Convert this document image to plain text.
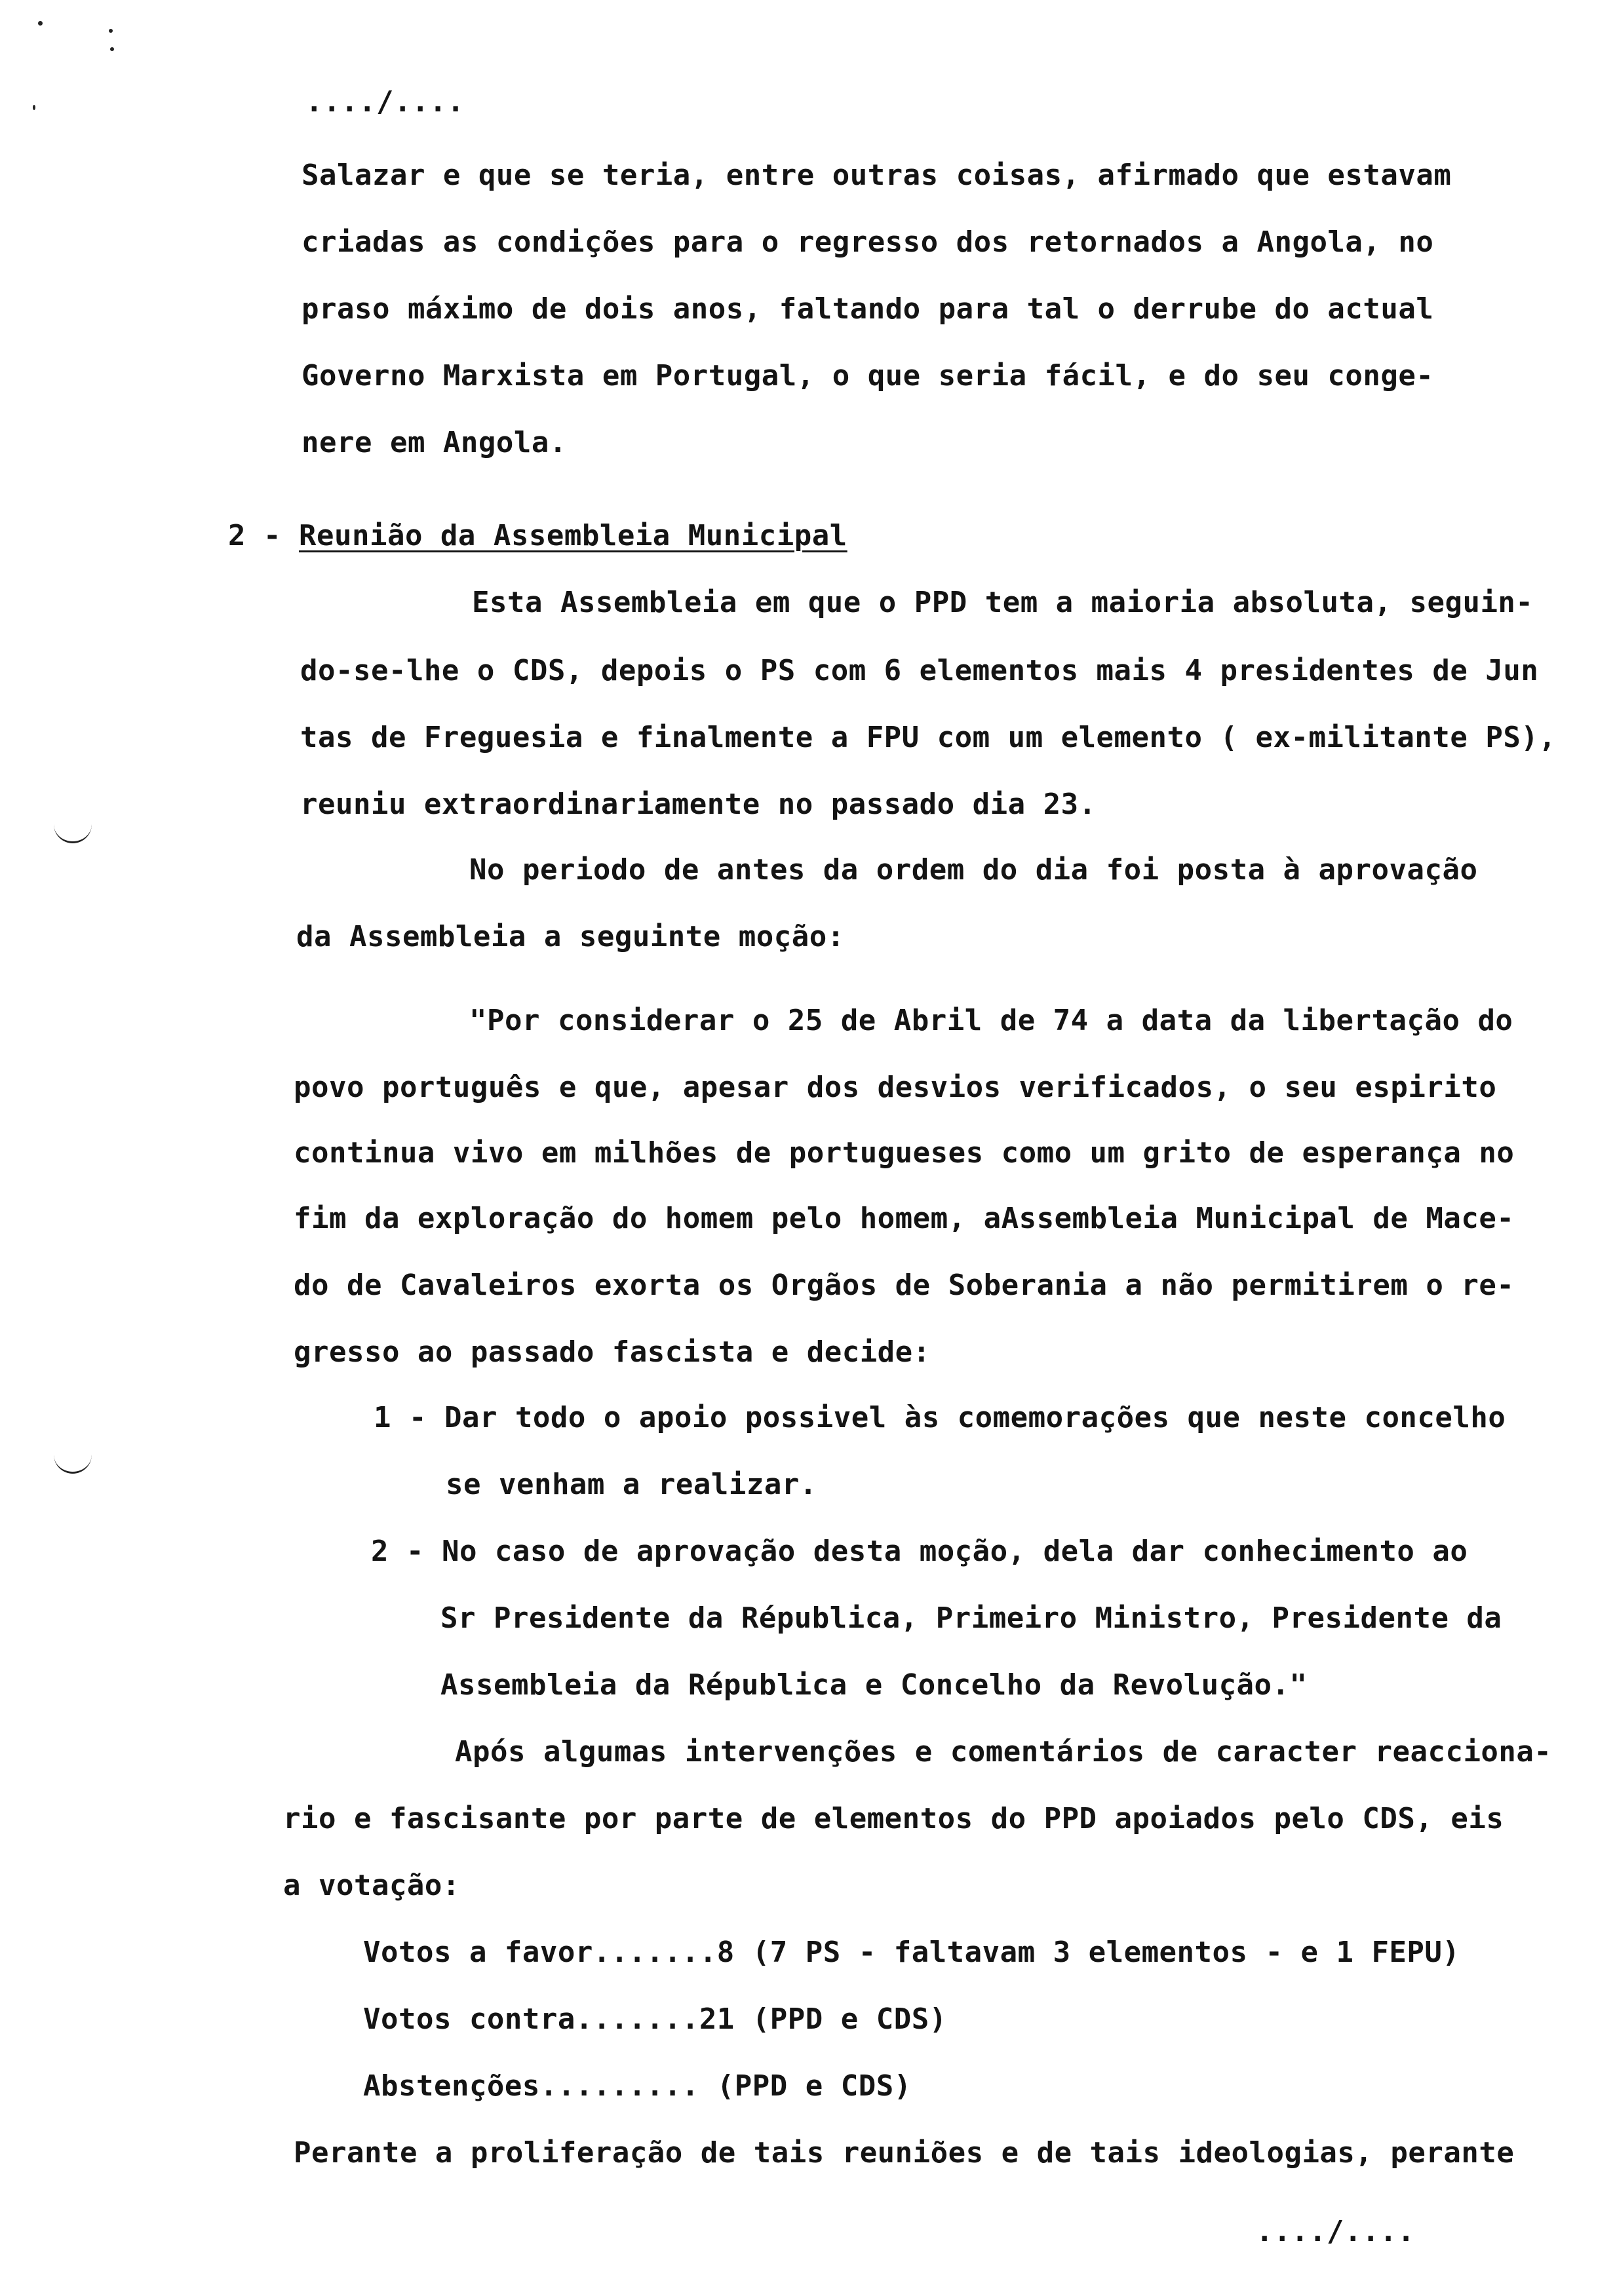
..../....
Salazar e que se teria, entre outras coisas, afirmado que estavam
criadas as condições para o regresso dos retornados a Angola, no
praso máximo de dois anos, faltando para tal o derrube do actual
Governo Marxista em Portugal, o que seria fácil, e do seu conge-
nere em Angola.
2 - Reunião da Assembleia Municipal
Esta Assembleia em que o PPD tem a maioria absoluta, seguin-
do-se-lhe o CDS, depois o PS com 6 elementos mais 4 presidentes de Jun
tas de Freguesia e finalmente a FPU com um elemento ( ex-militante PS),
reuniu extraordinariamente no passado dia 23.
No periodo de antes da ordem do dia foi posta à aprovação
da Assembleia a seguinte moção:
"Por considerar o 25 de Abril de 74 a data da libertação do
povo português e que, apesar dos desvios verificados, o seu espirito
continua vivo em milhões de portugueses como um grito de esperança no
fim da exploração do homem pelo homem, aAssembleia Municipal de Mace-
do de Cavaleiros exorta os Orgãos de Soberania a não permitirem o re-
gresso ao passado fascista e decide:
1 - Dar todo o apoio possivel às comemorações que neste concelho
se venham a realizar.
2 - No caso de aprovação desta moção, dela dar conhecimento ao
Sr Presidente da Républica, Primeiro Ministro, Presidente da
Assembleia da Républica e Concelho da Revolução."
Após algumas intervenções e comentários de caracter reacciona-
rio e fascisante por parte de elementos do PPD apoiados pelo CDS, eis
a votação:
Votos a favor.......8 (7 PS - faltavam 3 elementos - e 1 FEPU)
Votos contra.......21 (PPD e CDS)
Abstenções......... (PPD e CDS)
Perante a proliferação de tais reuniões e de tais ideologias, perante
..../....
